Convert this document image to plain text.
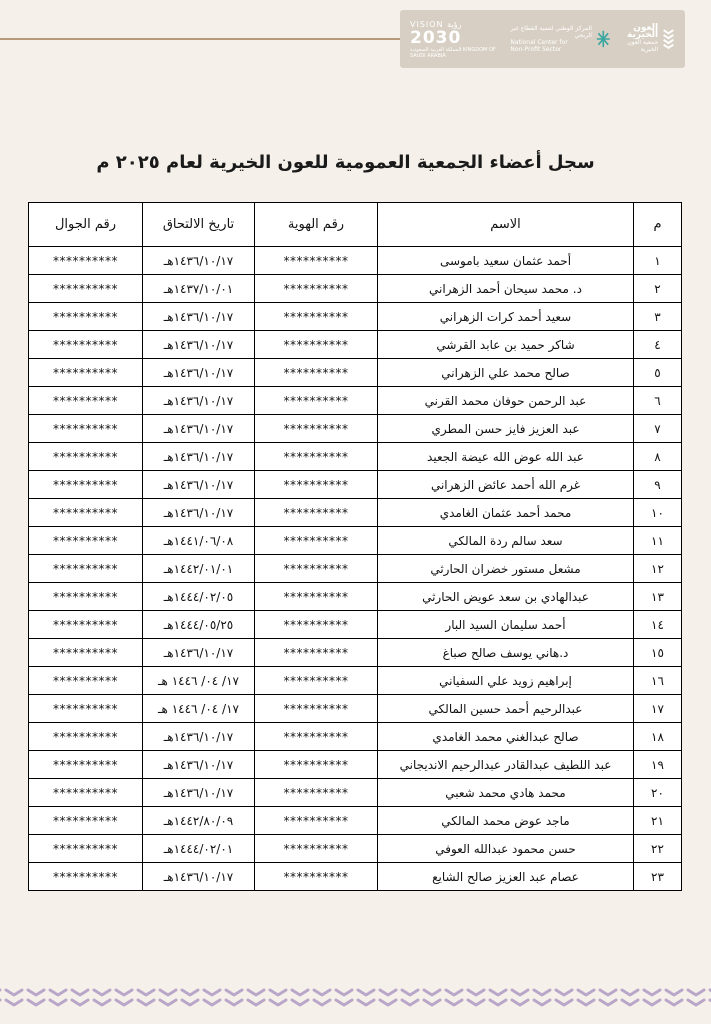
العون الخيرية
جمعية العون الخيرية
المركز الوطني لتنمية القطاع غير الربحي
National Center for
Non-Profit Sector
VISION رؤية
2030
المملكة العربية السعودية KINGDOM OF SAUDI ARABIA
سجل أعضاء الجمعية العمومية للعون الخيرية لعام ٢٠٢٥ م
م	الاسم	رقم الهوية	تاريخ الالتحاق	رقم الجوال
١	أحمد عثمان سعيد باموسى	**********	١٤٣٦/١٠/١٧هـ	**********
٢	د. محمد سيحان أحمد الزهراني	**********	١٤٣٧/١٠/٠١هـ	**********
٣	سعيد أحمد كرات الزهراني	**********	١٤٣٦/١٠/١٧هـ	**********
٤	شاكر حميد بن عابد القرشي	**********	١٤٣٦/١٠/١٧هـ	**********
٥	صالح محمد علي الزهراني	**********	١٤٣٦/١٠/١٧هـ	**********
٦	عبد الرحمن حوفان محمد القرني	**********	١٤٣٦/١٠/١٧هـ	**********
٧	عبد العزيز فايز حسن المطري	**********	١٤٣٦/١٠/١٧هـ	**********
٨	عبد الله عوض الله عيضة الجعيد	**********	١٤٣٦/١٠/١٧هـ	**********
٩	غرم الله أحمد عائض الزهراني	**********	١٤٣٦/١٠/١٧هـ	**********
١٠	محمد أحمد عثمان الغامدي	**********	١٤٣٦/١٠/١٧هـ	**********
١١	سعد سالم ردة المالكي	**********	١٤٤١/٠٦/٠٨هـ	**********
١٢	مشعل مستور خضران الحارثي	**********	١٤٤٢/٠١/٠١هـ	**********
١٣	عبدالهادي بن سعد عويض الحارثي	**********	١٤٤٤/٠٢/٠٥هـ	**********
١٤	أحمد سليمان السيد البار	**********	١٤٤٤/٠٥/٢٥هـ	**********
١٥	د.هاني يوسف صالح صباغ	**********	١٤٣٦/١٠/١٧هـ	**********
١٦	إبراهيم زويد علي السفياني	**********	١٧/ ٠٤/ ١٤٤٦ هـ	**********
١٧	عبدالرحيم أحمد حسين المالكي	**********	١٧/ ٠٤/ ١٤٤٦ هـ	**********
١٨	صالح عبدالغني محمد الغامدي	**********	١٤٣٦/١٠/١٧هـ	**********
١٩	عبد اللطيف عبدالقادر عبدالرحيم الانديجاني	**********	١٤٣٦/١٠/١٧هـ	**********
٢٠	محمد هادي محمد شعبي	**********	١٤٣٦/١٠/١٧هـ	**********
٢١	ماجد عوض محمد المالكي	**********	١٤٤٢/٨٠/٠٩هـ	**********
٢٢	حسن محمود عبدالله العوفي	**********	١٤٤٤/٠٢/٠١هـ	**********
٢٣	عصام عبد العزيز صالح الشايع	**********	١٤٣٦/١٠/١٧هـ	**********
